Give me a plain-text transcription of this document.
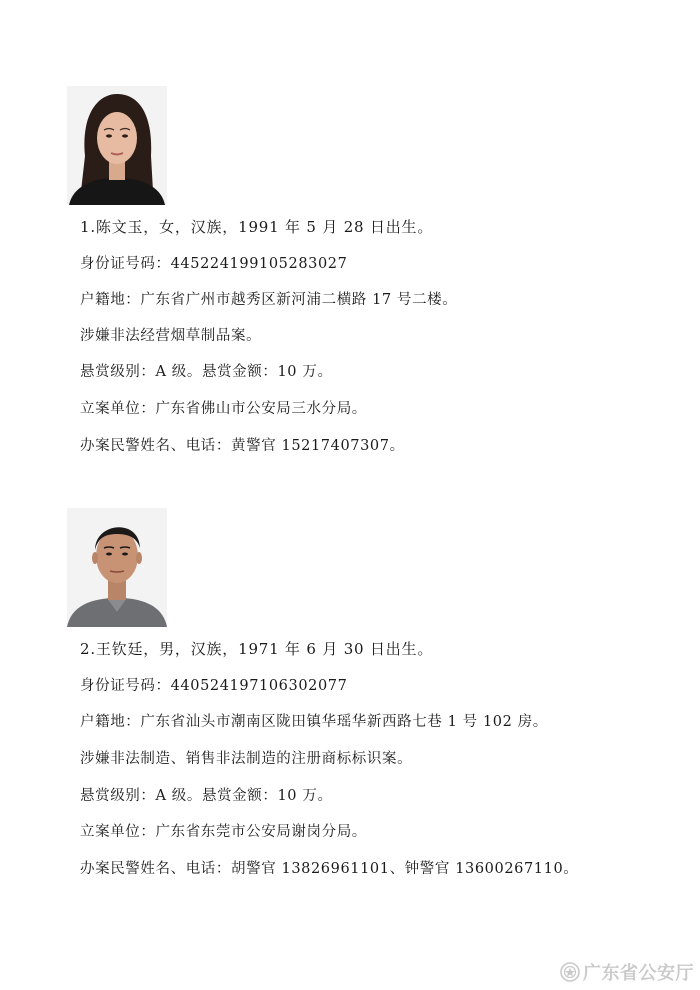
1.陈文玉，女，汉族，1991 年 5 月 28 日出生。
身份证号码：445224199105283027
户籍地：广东省广州市越秀区新河浦二横路 17 号二楼。
涉嫌非法经营烟草制品案。
悬赏级别：A 级。悬赏金额：10 万。
立案单位：广东省佛山市公安局三水分局。
办案民警姓名、电话：黄警官 15217407307。
2.王钦廷，男，汉族，1971 年 6 月 30 日出生。
身份证号码：440524197106302077
户籍地：广东省汕头市潮南区陇田镇华瑶华新西路七巷 1 号 102 房。
涉嫌非法制造、销售非法制造的注册商标标识案。
悬赏级别：A 级。悬赏金额：10 万。
立案单位：广东省东莞市公安局谢岗分局。
办案民警姓名、电话：胡警官 13826961101、钟警官 13600267110。
广东省公安厅
